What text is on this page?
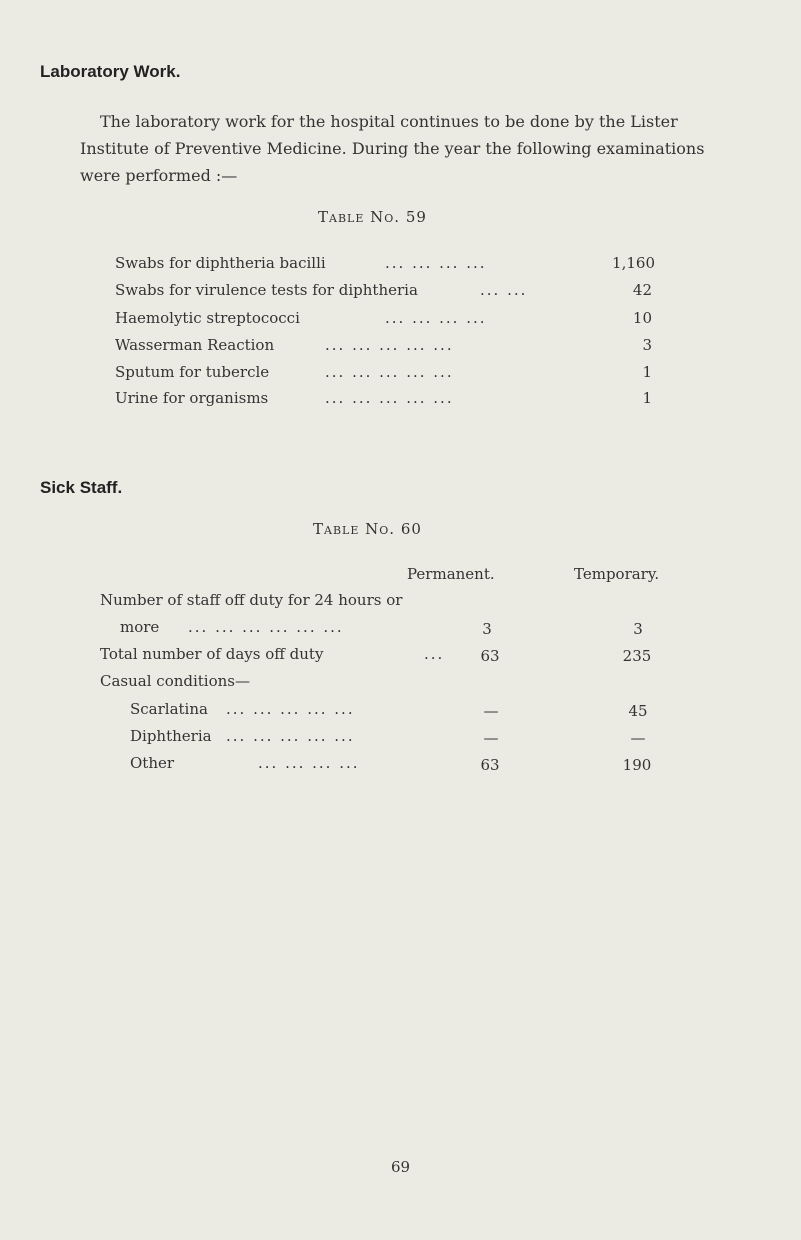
Laboratory Work.
The laboratory work for the hospital continues to be done by the Lister
Institute of Preventive Medicine. During the year the following examinations
were performed :—
Table No. 59
Swabs for diphtheria bacilli	... ... ... ...	1,160
Swabs for virulence tests for diphtheria	... ...	42
Haemolytic streptococci	... ... ... ...	10
Wasserman Reaction	... ... ... ... ...	3
Sputum for tubercle	... ... ... ... ...	1
Urine for organisms	... ... ... ... ...	1
Sick Staff.
Table No. 60
Permanent.	Temporary.
Number of staff off duty for 24 hours or
more ... ... ... ... ... ...	3	3
Total number of days off duty	...	63	235
Casual conditions—
Scarlatina ... ... ... ... ...	—	45
Diphtheria ... ... ... ... ...	—	—
Other	... ... ... ...	63	190
69
